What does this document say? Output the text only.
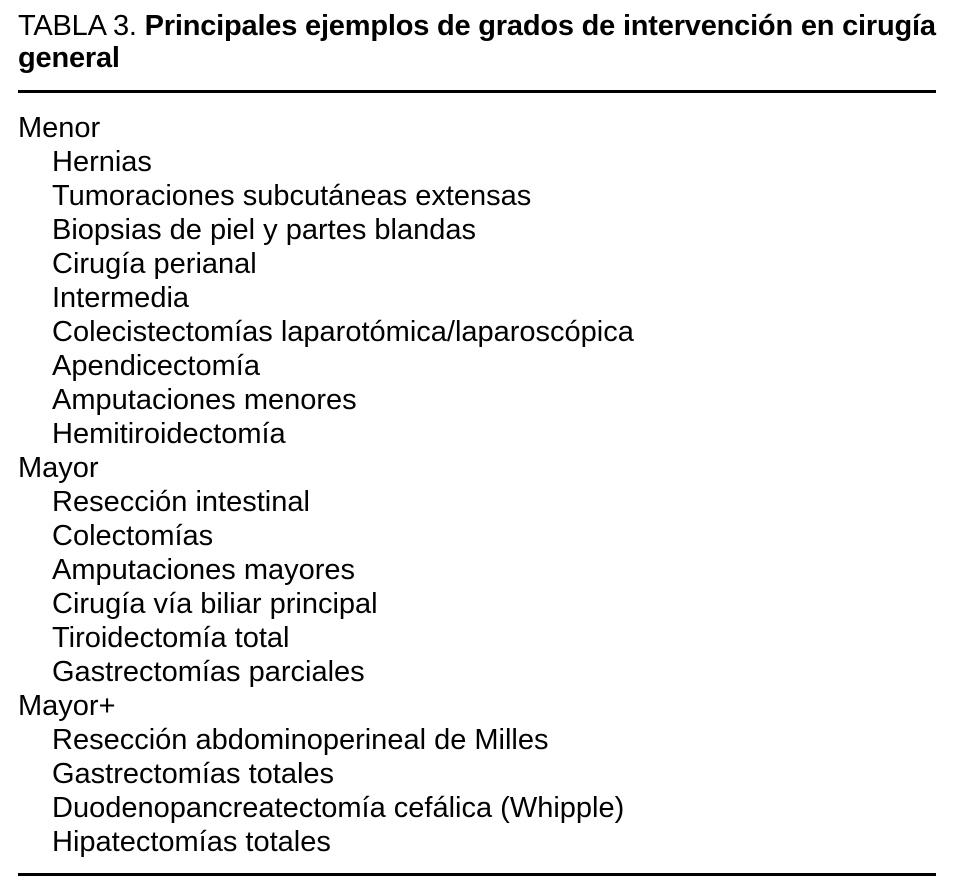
TABLA 3. Principales ejemplos de grados de intervención en cirugía general

Menor
Hernias
Tumoraciones subcutáneas extensas
Biopsias de piel y partes blandas
Cirugía perianal
Intermedia
Colecistectomías laparotómica/laparoscópica
Apendicectomía
Amputaciones menores
Hemitiroidectomía
Mayor
Resección intestinal
Colectomías
Amputaciones mayores
Cirugía vía biliar principal
Tiroidectomía total
Gastrectomías parciales
Mayor+
Resección abdominoperineal de Milles
Gastrectomías totales
Duodenopancreatectomía cefálica (Whipple)
Hipatectomías totales
